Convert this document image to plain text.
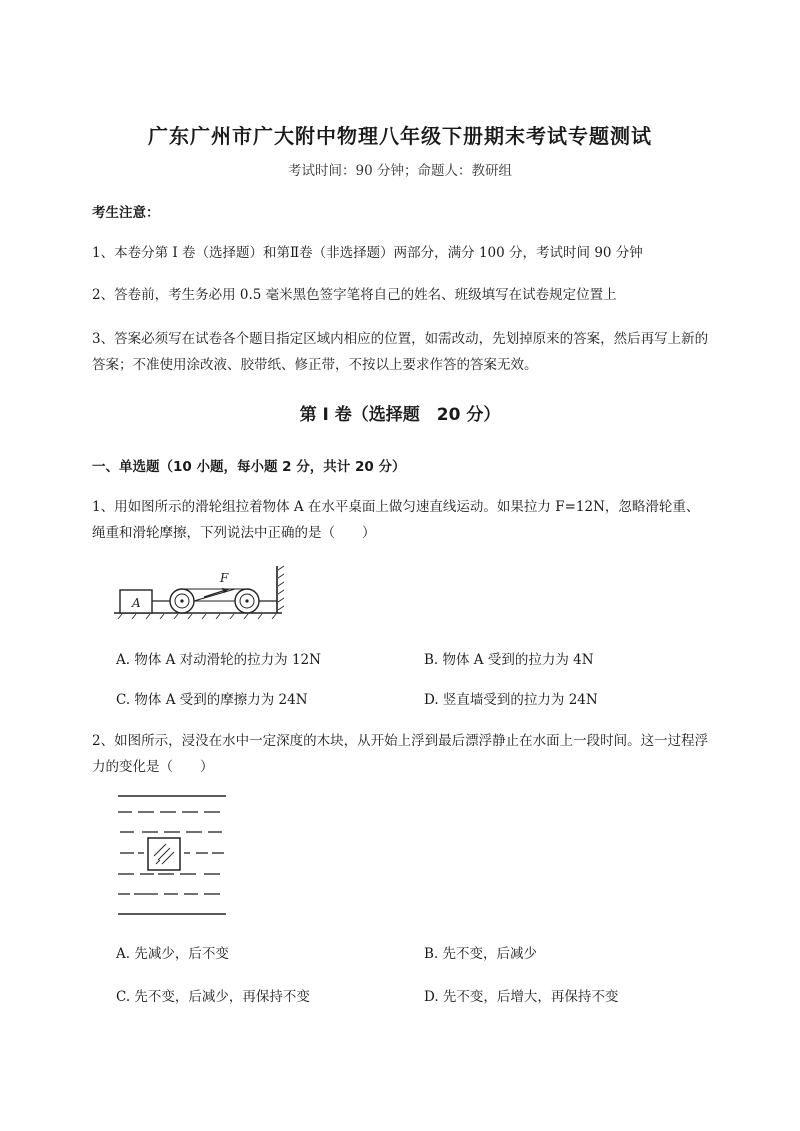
广东广州市广大附中物理八年级下册期末考试专题测试
考试时间：90 分钟；命题人：教研组
考生注意：
1、本卷分第 I 卷（选择题）和第Ⅱ卷（非选择题）两部分，满分 100 分，考试时间 90 分钟
2、答卷前，考生务必用 0.5 毫米黑色签字笔将自己的姓名、班级填写在试卷规定位置上
3、答案必须写在试卷各个题目指定区域内相应的位置，如需改动，先划掉原来的答案，然后再写上新的答案；不准使用涂改液、胶带纸、修正带，不按以上要求作答的答案无效。
第 I 卷（选择题　20 分）
一、单选题（10 小题，每小题 2 分，共计 20 分）
1、用如图所示的滑轮组拉着物体 A 在水平桌面上做匀速直线运动。如果拉力 F=12N，忽略滑轮重、绳重和滑轮摩擦，下列说法中正确的是（　　）
A
F
A. 物体 A 对动滑轮的拉力为 12N	B. 物体 A 受到的拉力为 4N
C. 物体 A 受到的摩擦力为 24N	D. 竖直墙受到的拉力为 24N
2、如图所示，浸没在水中一定深度的木块，从开始上浮到最后漂浮静止在水面上一段时间。这一过程浮力的变化是（　　）
A. 先减少，后不变	B. 先不变，后减少
C. 先不变，后减少，再保持不变	D. 先不变，后增大，再保持不变
